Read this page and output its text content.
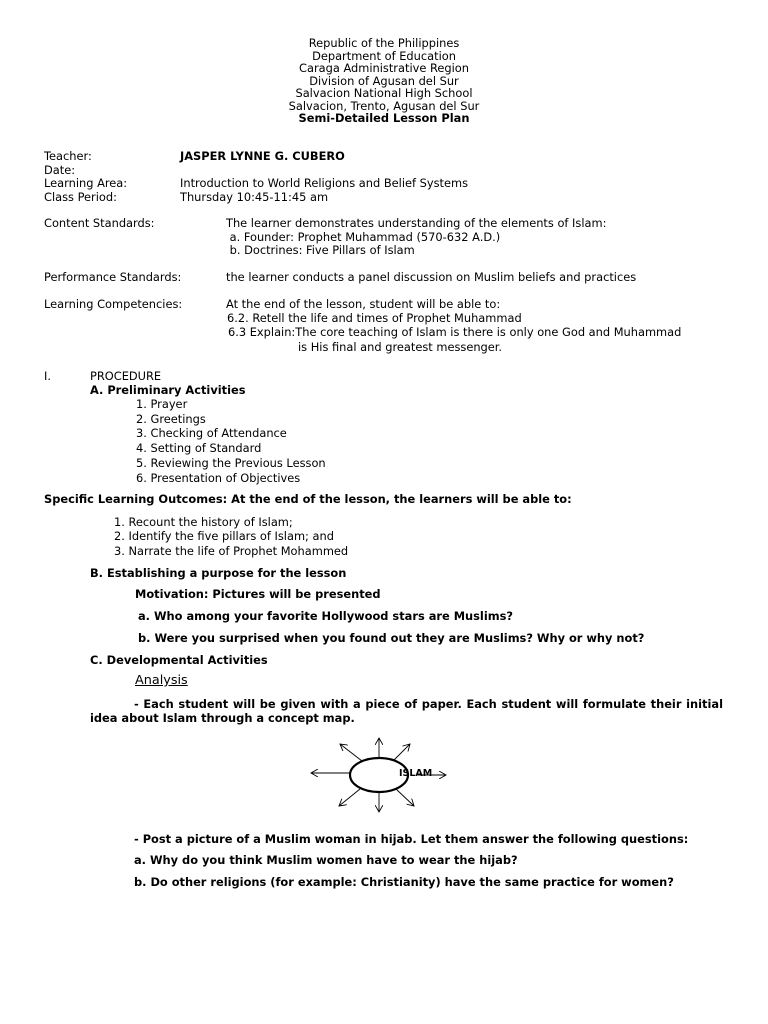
Republic of the Philippines
Department of Education
Caraga Administrative Region
Division of Agusan del Sur
Salvacion National High School
Salvacion, Trento, Agusan del Sur
Semi-Detailed Lesson Plan
Teacher:	JASPER LYNNE G. CUBERO
Date:
Learning Area:	Introduction to World Religions and Belief Systems
Class Period:	Thursday 10:45-11:45 am
Content Standards:	The learner demonstrates understanding of the elements of Islam:
a. Founder: Prophet Muhammad (570-632 A.D.)
b. Doctrines: Five Pillars of Islam
Performance Standards:	the learner conducts a panel discussion on Muslim beliefs and practices
Learning Competencies:	At the end of the lesson, student will be able to:
6.2. Retell the life and times of Prophet Muhammad
6.3 Explain:The core teaching of Islam is there is only one God and Muhammad
is His final and greatest messenger.
I.	PROCEDURE
A. Preliminary Activities
1. Prayer
2. Greetings
3. Checking of Attendance
4. Setting of Standard
5. Reviewing the Previous Lesson
6. Presentation of Objectives
Specific Learning Outcomes: At the end of the lesson, the learners will be able to:
1. Recount the history of Islam;
2. Identify the five pillars of Islam; and
3. Narrate the life of Prophet Mohammed
B. Establishing a purpose for the lesson
Motivation: Pictures will be presented
a. Who among your favorite Hollywood stars are Muslims?
b. Were you surprised when you found out they are Muslims? Why or why not?
C. Developmental Activities
Analysis
- Each student will be given with a piece of paper. Each student will formulate their initial idea about Islam through a concept map.
ISLAM
- Post a picture of a Muslim woman in hijab. Let them answer the following questions:
a. Why do you think Muslim women have to wear the hijab?
b. Do other religions (for example: Christianity) have the same practice for women?
